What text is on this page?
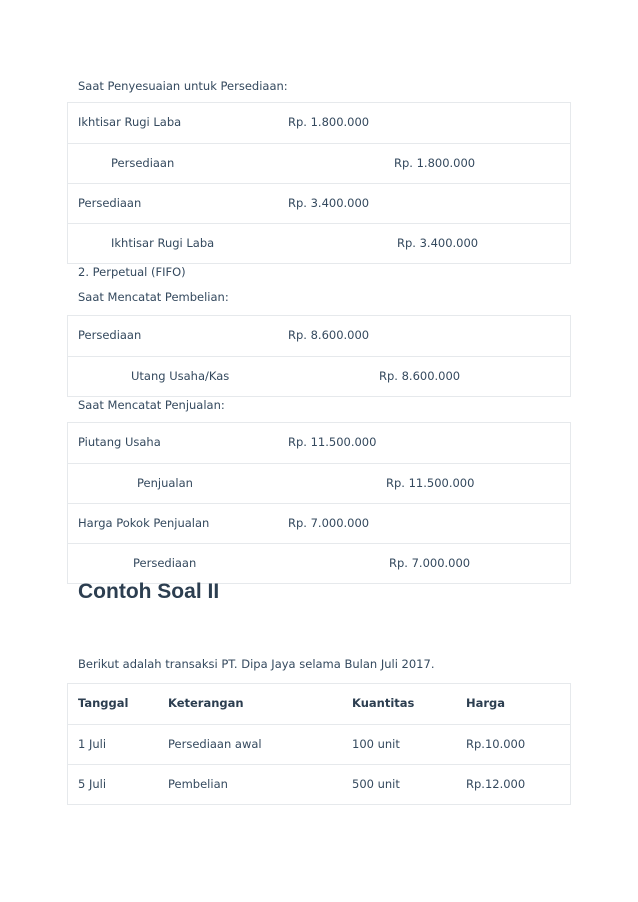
Saat Penyesuaian untuk Persediaan:
Ikhtisar Rugi Laba	Rp. 1.800.000
Persediaan	Rp. 1.800.000
Persediaan	Rp. 3.400.000
Ikhtisar Rugi Laba	Rp. 3.400.000
2. Perpetual (FIFO)
Saat Mencatat Pembelian:
Persediaan	Rp. 8.600.000
Utang Usaha/Kas	Rp. 8.600.000
Saat Mencatat Penjualan:
Piutang Usaha	Rp. 11.500.000
Penjualan	Rp. 11.500.000
Harga Pokok Penjualan	Rp. 7.000.000
Persediaan	Rp. 7.000.000
Contoh Soal II
Berikut adalah transaksi PT. Dipa Jaya selama Bulan Juli 2017.
Tanggal	Keterangan	Kuantitas	Harga
1 Juli	Persediaan awal	100 unit	Rp.10.000
5 Juli	Pembelian	500 unit	Rp.12.000
